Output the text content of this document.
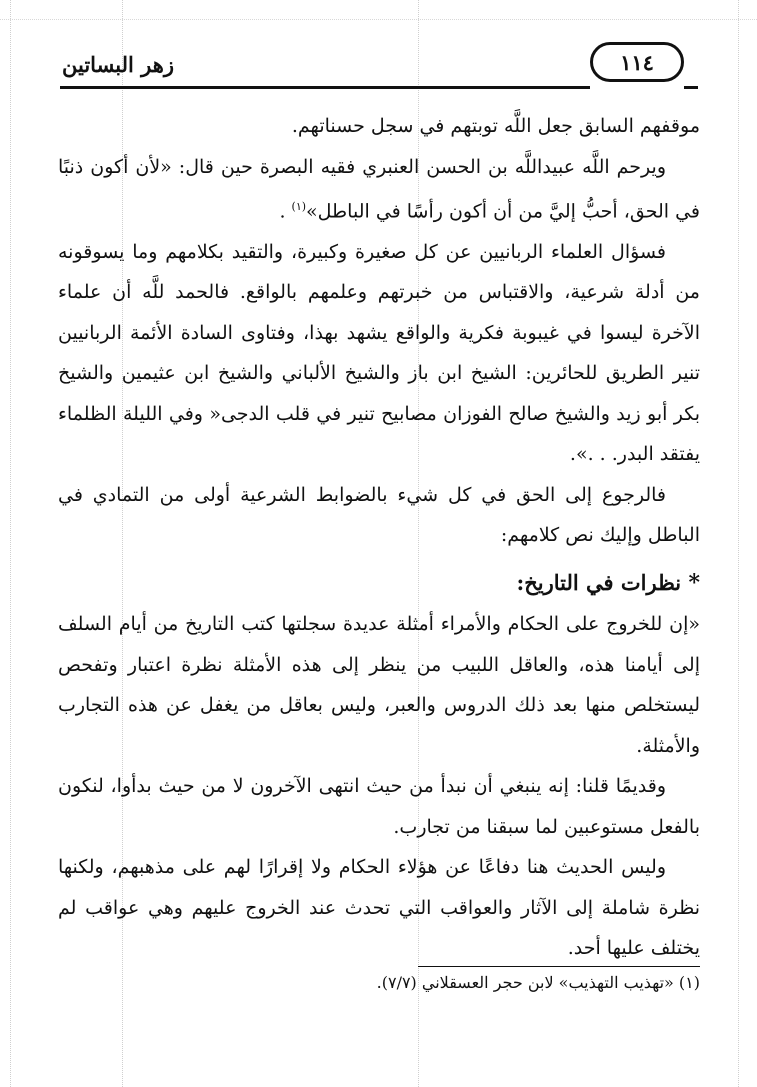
زهر البساتين	١١٤

موقفهم السابق جعل اللَّه توبتهم في سجل حسناتهم.

ويرحم اللَّه عبيداللَّه بن الحسن العنبري فقيه البصرة حين قال: «لأن أكون ذنبًا في الحق، أحبُّ إليَّ من أن أكون رأسًا في الباطل»$^{(١)}$ .

فسؤال العلماء الربانيين عن كل صغيرة وكبيرة، والتقيد بكلامهم وما يسوقونه من أدلة شرعية، والاقتباس من خبرتهم وعلمهم بالواقع. فالحمد للَّه أن علماء الآخرة ليسوا في غيبوبة فكرية والواقع يشهد بهذا، وفتاوى السادة الأئمة الربانيين تنير الطريق للحائرين: الشيخ ابن باز والشيخ الألباني والشيخ ابن عثيمين والشيخ بكر أبو زيد والشيخ صالح الفوزان مصابيح تنير في قلب الدجى« وفي الليلة الظلماء يفتقد البدر. . .».

فالرجوع إلى الحق في كل شيء بالضوابط الشرعية أولى من التمادي في الباطل وإليك نص كلامهم:

* نظرات في التاريخ:

«إن للخروج على الحكام والأمراء أمثلة عديدة سجلتها كتب التاريخ من أيام السلف إلى أيامنا هذه، والعاقل اللبيب من ينظر إلى هذه الأمثلة نظرة اعتبار وتفحص ليستخلص منها بعد ذلك الدروس والعبر، وليس بعاقل من يغفل عن هذه التجارب والأمثلة.

وقديمًا قلنا: إنه ينبغي أن نبدأ من حيث انتهى الآخرون لا من حيث بدأوا، لنكون بالفعل مستوعبين لما سبقنا من تجارب.

وليس الحديث هنا دفاعًا عن هؤلاء الحكام ولا إقرارًا لهم على مذهبهم، ولكنها نظرة شاملة إلى الآثار والعواقب التي تحدث عند الخروج عليهم وهي عواقب لم يختلف عليها أحد.

(١) «تهذيب التهذيب» لابن حجر العسقلاني (٧/٧).
